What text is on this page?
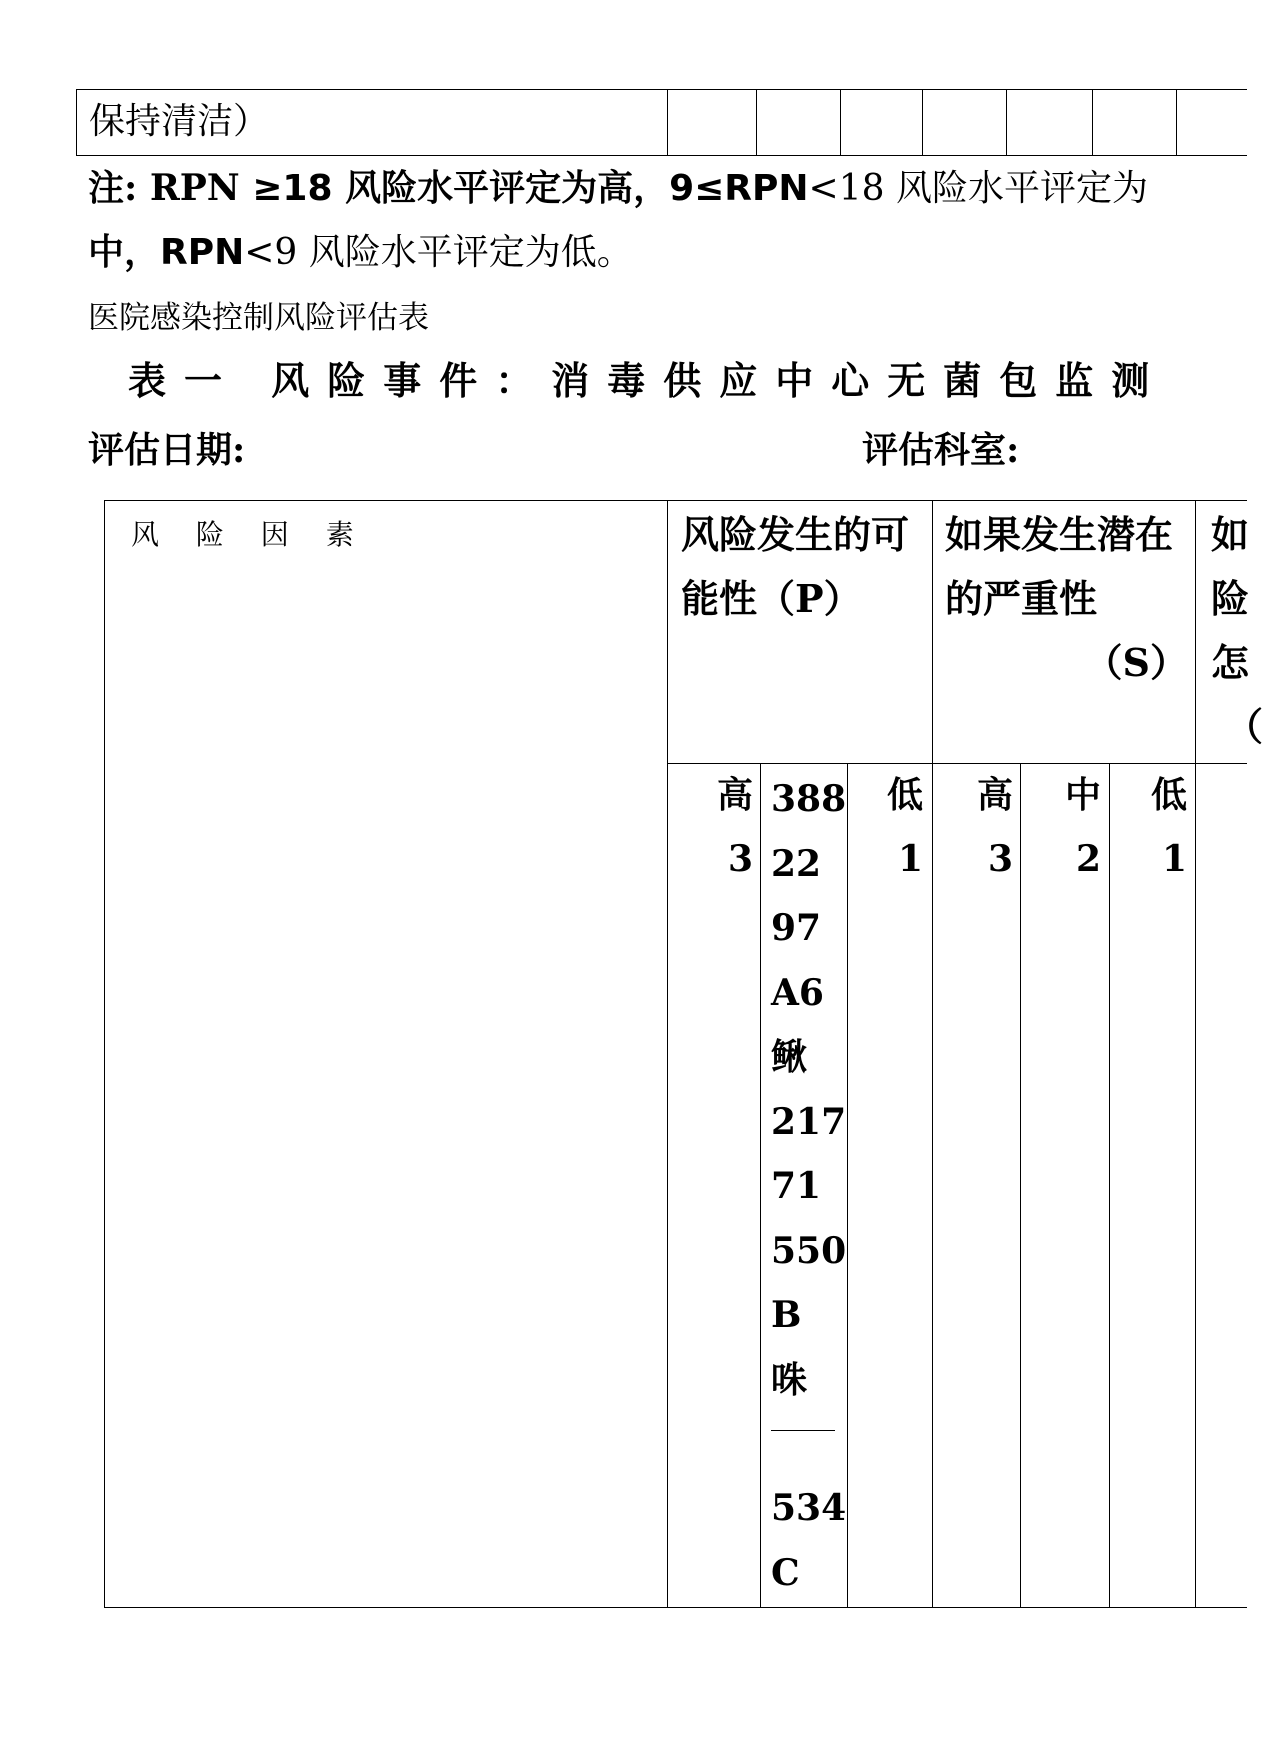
保持清洁）
注: RPN ≥18 风险水平评定为高，9≤RPN<18 风险水平评定为
中，RPN<9 风险水平评定为低。
医院感染控制风险评估表
表一 风险事件：消毒供应中心无菌包监测
评估日期:	评估科室:
风 险 因 素	风险发生的可
能性（P）
如果发生潜在
的严重性
（S）
如
险
怎
（
高
3
低
1
388
22
97
A6
鳅
217
71
550
B
咮
534
C
高
3
中
2
低
1
